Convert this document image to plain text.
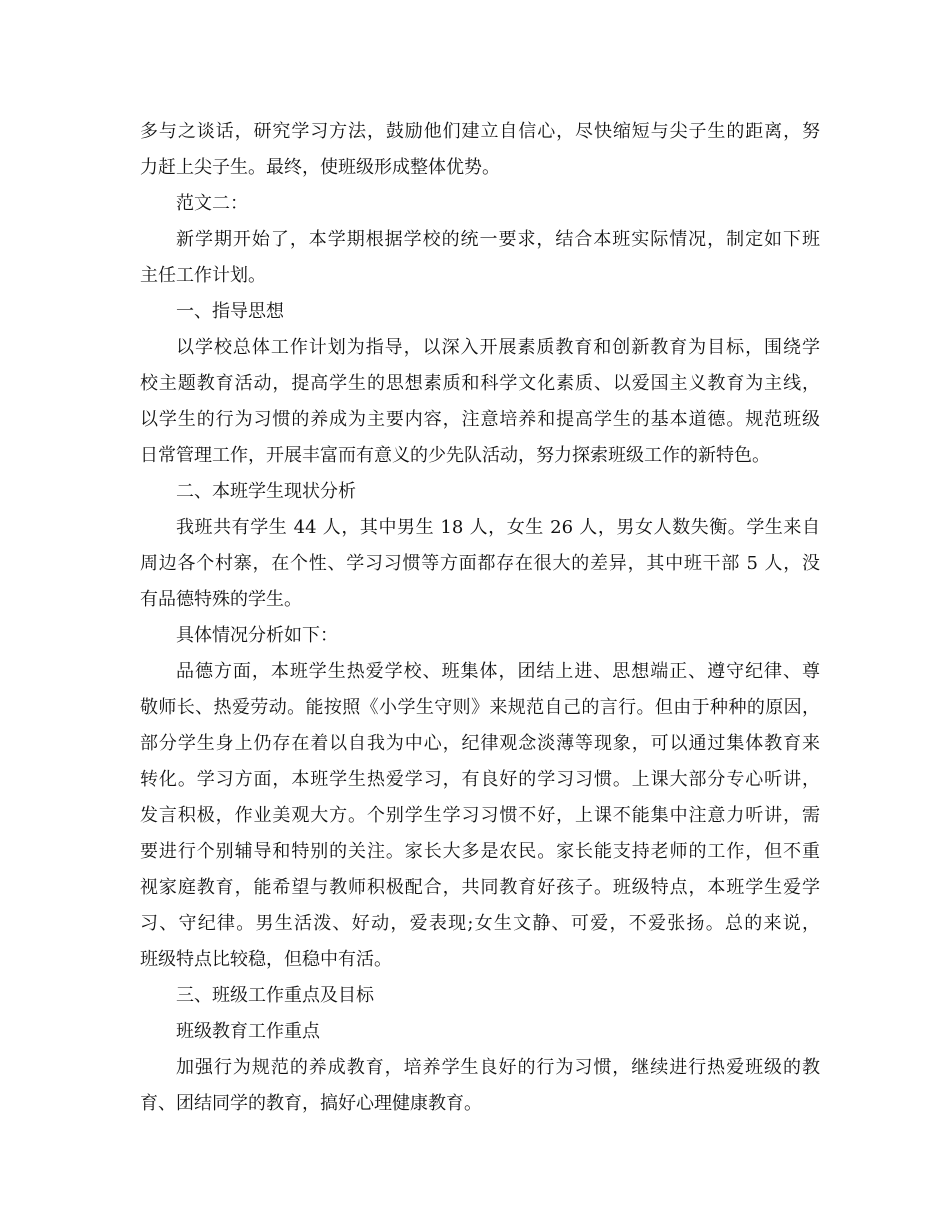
多与之谈话，研究学习方法，鼓励他们建立自信心，尽快缩短与尖子生的距离，努
力赶上尖子生。最终，使班级形成整体优势。
范文二：
新学期开始了，本学期根据学校的统一要求，结合本班实际情况，制定如下班
主任工作计划。
一、指导思想
以学校总体工作计划为指导，以深入开展素质教育和创新教育为目标，围绕学
校主题教育活动，提高学生的思想素质和科学文化素质、以爱国主义教育为主线，
以学生的行为习惯的养成为主要内容，注意培养和提高学生的基本道德。规范班级
日常管理工作，开展丰富而有意义的少先队活动，努力探索班级工作的新特色。
二、本班学生现状分析
我班共有学生 44 人，其中男生 18 人，女生 26 人，男女人数失衡。学生来自
周边各个村寨，在个性、学习习惯等方面都存在很大的差异，其中班干部 5 人，没
有品德特殊的学生。
具体情况分析如下：
品德方面，本班学生热爱学校、班集体，团结上进、思想端正、遵守纪律、尊
敬师长、热爱劳动。能按照《小学生守则》来规范自己的言行。但由于种种的原因，
部分学生身上仍存在着以自我为中心，纪律观念淡薄等现象，可以通过集体教育来
转化。学习方面，本班学生热爱学习，有良好的学习习惯。上课大部分专心听讲，
发言积极，作业美观大方。个别学生学习习惯不好，上课不能集中注意力听讲，需
要进行个别辅导和特别的关注。家长大多是农民。家长能支持老师的工作，但不重
视家庭教育，能希望与教师积极配合，共同教育好孩子。班级特点，本班学生爱学
习、守纪律。男生活泼、好动，爱表现;女生文静、可爱，不爱张扬。总的来说，
班级特点比较稳，但稳中有活。
三、班级工作重点及目标
班级教育工作重点
加强行为规范的养成教育，培养学生良好的行为习惯，继续进行热爱班级的教
育、团结同学的教育，搞好心理健康教育。
